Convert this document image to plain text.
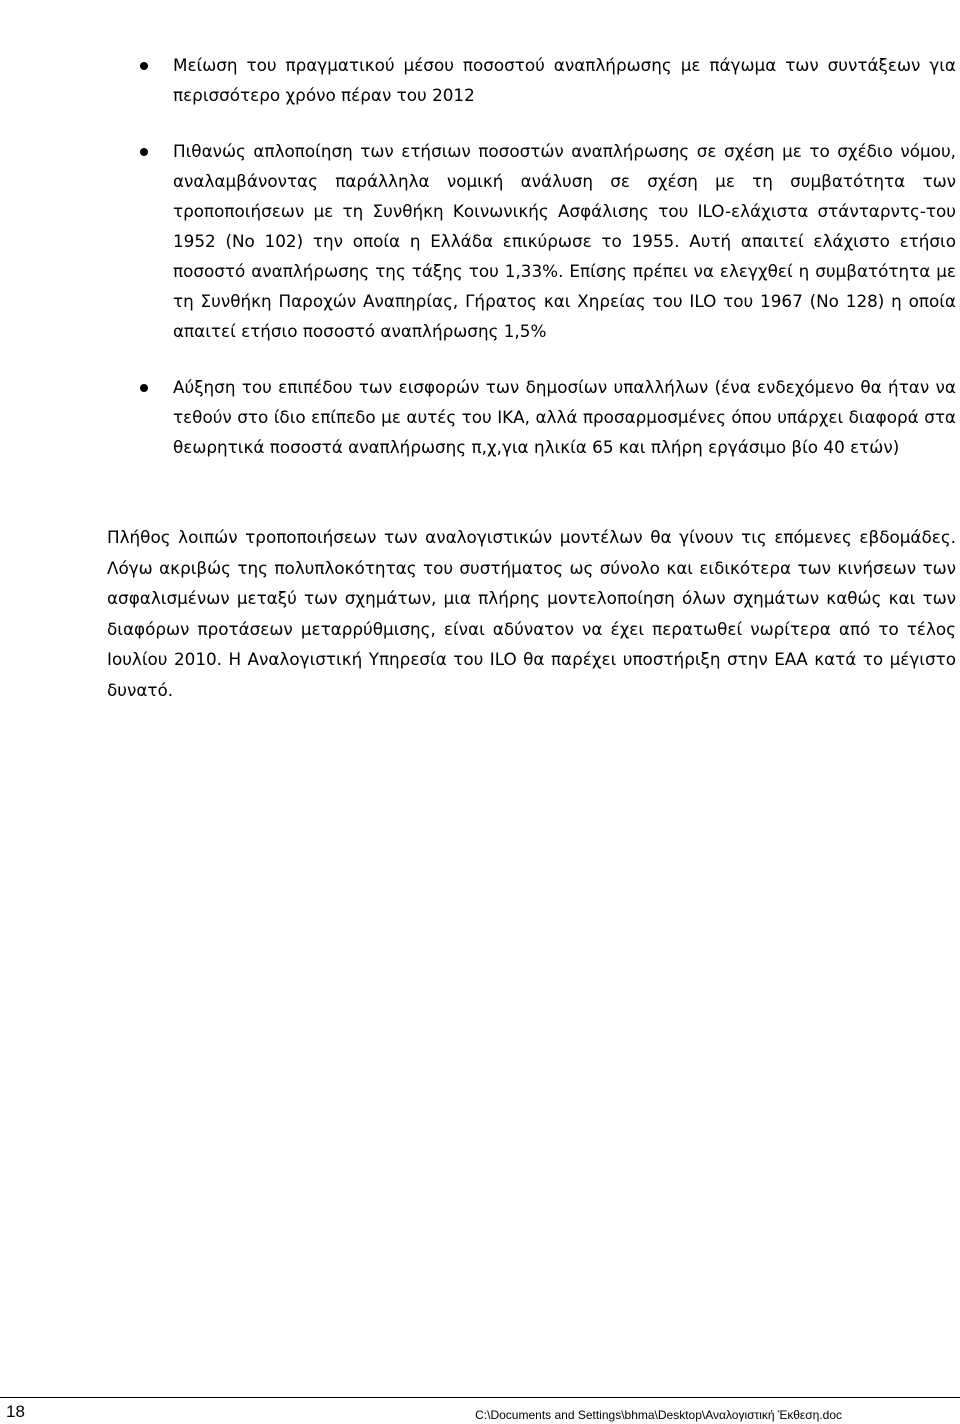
Μείωση του πραγματικού μέσου ποσοστού αναπλήρωσης με πάγωμα των συντάξεων για περισσότερο χρόνο πέραν του 2012

Πιθανώς απλοποίηση των ετήσιων ποσοστών αναπλήρωσης σε σχέση με το σχέδιο νόμου, αναλαμβάνοντας παράλληλα νομική ανάλυση σε σχέση με τη συμβατότητα των τροποποιήσεων με τη Συνθήκη Κοινωνικής Ασφάλισης του ILO-ελάχιστα στάνταρντς-του 1952 (No 102) την οποία η Ελλάδα επικύρωσε το 1955. Αυτή απαιτεί ελάχιστο ετήσιο ποσοστό αναπλήρωσης της τάξης του 1,33%. Επίσης πρέπει να ελεγχθεί η συμβατότητα με τη Συνθήκη Παροχών Αναπηρίας, Γήρατος και Χηρείας του ILO του 1967 (No 128) η οποία απαιτεί ετήσιο ποσοστό αναπλήρωσης 1,5%

Αύξηση του επιπέδου των εισφορών των δημοσίων υπαλλήλων (ένα ενδεχόμενο θα ήταν να τεθούν στο ίδιο επίπεδο με αυτές του ΙΚΑ, αλλά προσαρμοσμένες όπου υπάρχει διαφορά στα θεωρητικά ποσοστά αναπλήρωσης π,χ,για ηλικία 65 και πλήρη εργάσιμο βίο 40 ετών)

Πλήθος λοιπών τροποποιήσεων των αναλογιστικών μοντέλων θα γίνουν τις επόμενες εβδομάδες. Λόγω ακριβώς της πολυπλοκότητας του συστήματος ως σύνολο και ειδικότερα των κινήσεων των ασφαλισμένων μεταξύ των σχημάτων, μια πλήρης μοντελοποίηση όλων σχημάτων καθώς και των διαφόρων προτάσεων μεταρρύθμισης, είναι αδύνατον να έχει περατωθεί νωρίτερα από το τέλος Ιουλίου 2010. Η Αναλογιστική Υπηρεσία του ILO θα παρέχει υποστήριξη στην ΕΑΑ κατά το μέγιστο δυνατό.

18	C:\Documents and Settings\bhma\Desktop\Αναλογιστική Έκθεση.doc
